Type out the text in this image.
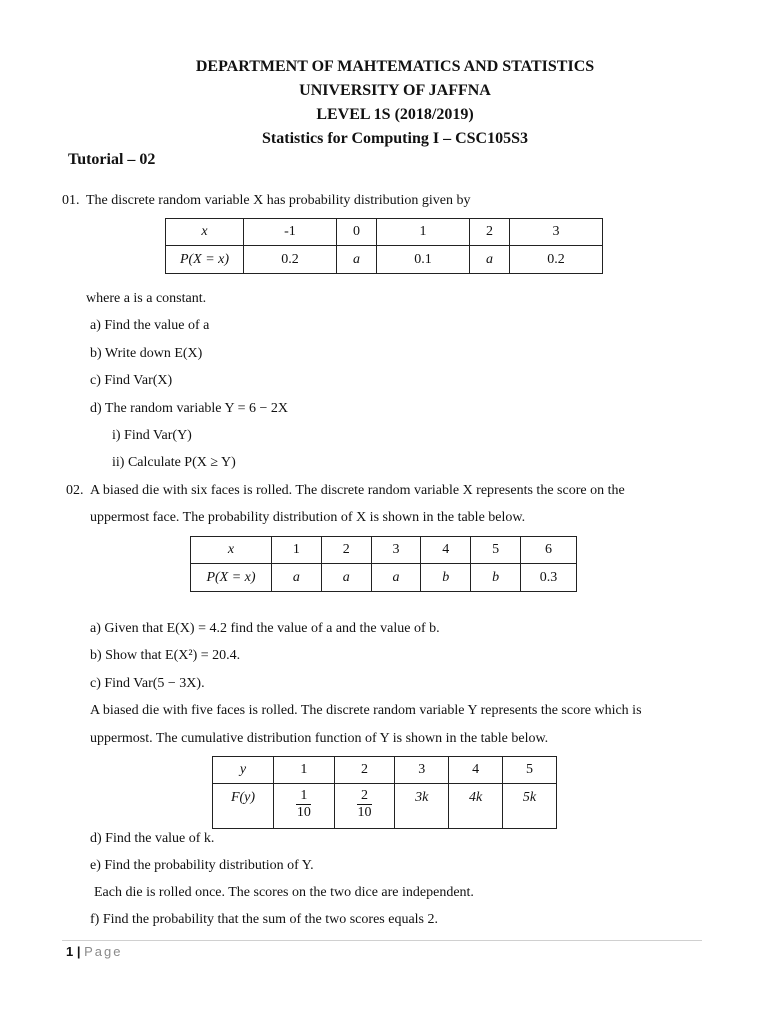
DEPARTMENT OF MAHTEMATICS AND STATISTICS
UNIVERSITY OF JAFFNA
LEVEL 1S (2018/2019)
Statistics for Computing I – CSC105S3
Tutorial – 02
01. The discrete random variable X has probability distribution given by
x	-1	0	1	2	3
P(X = x)	0.2	a	0.1	a	0.2
where a is a constant.
a) Find the value of a
b) Write down E(X)
c) Find Var(X)
d) The random variable Y = 6 − 2X
i) Find Var(Y)
ii) Calculate P(X ≥ Y)
02. A biased die with six faces is rolled. The discrete random variable X represents the score on the
uppermost face. The probability distribution of X is shown in the table below.
x	1	2	3	4	5	6
P(X = x)	a	a	a	b	b	0.3
a) Given that E(X) = 4.2 find the value of a and the value of b.
b) Show that E(X²) = 20.4.
c) Find Var(5 − 3X).
A biased die with five faces is rolled. The discrete random variable Y represents the score which is
uppermost. The cumulative distribution function of Y is shown in the table below.
y	1	2	3	4	5
F(y)	$\frac{1}{10}$	$\frac{2}{10}$	3k	4k	5k
d) Find the value of k.
e) Find the probability distribution of Y.
Each die is rolled once. The scores on the two dice are independent.
f) Find the probability that the sum of the two scores equals 2.
1 | Page
